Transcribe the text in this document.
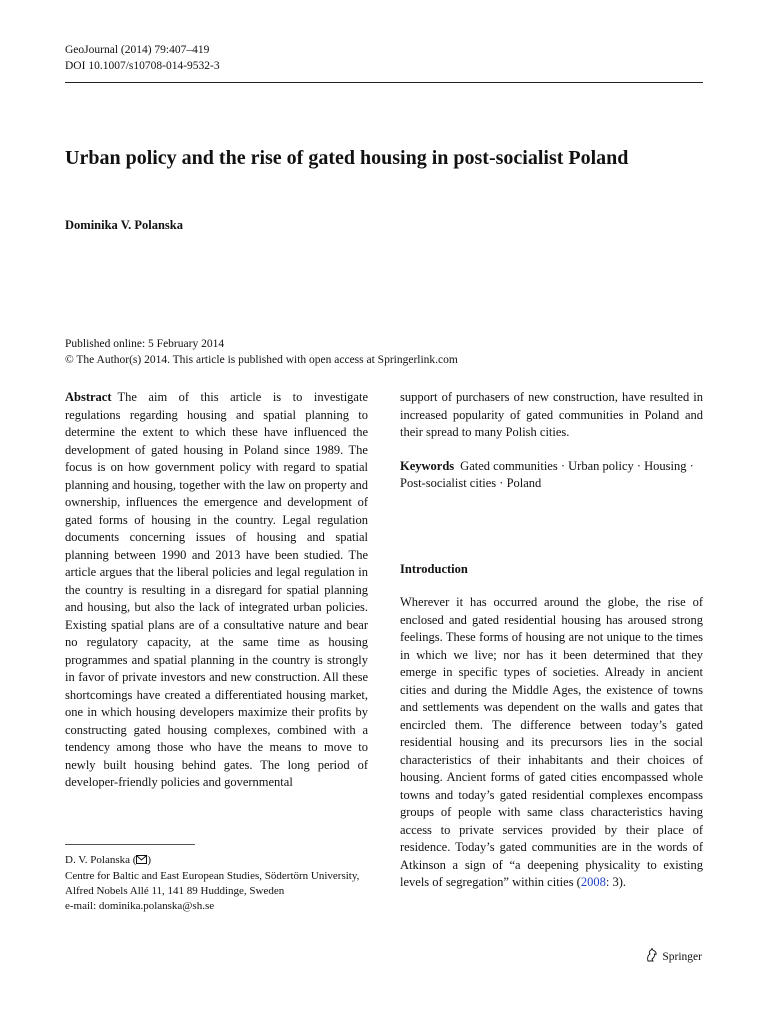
GeoJournal (2014) 79:407–419
DOI 10.1007/s10708-014-9532-3
Urban policy and the rise of gated housing in post-socialist Poland
Dominika V. Polanska
Published online: 5 February 2014
© The Author(s) 2014. This article is published with open access at Springerlink.com

Abstract The aim of this article is to investigate regulations regarding housing and spatial planning to determine the extent to which these have influenced the development of gated housing in Poland since 1989. The focus is on how government policy with regard to spatial planning and housing, together with the law on property and ownership, influences the emergence and development of gated forms of housing in the country. Legal regulation documents concerning issues of housing and spatial planning between 1990 and 2013 have been studied. The article argues that the liberal policies and legal regulation in the country is resulting in a disregard for spatial planning and housing, but also the lack of integrated urban policies. Existing spatial plans are of a consultative nature and bear no regulatory capacity, at the same time as housing programmes and spatial planning in the country is strongly in favor of private investors and new construction. All these shortcomings have created a differentiated housing market, one in which housing developers maximize their profits by constructing gated housing complexes, combined with a tendency among those who have the means to move to newly built housing behind gates. The long period of developer-friendly policies and governmental

support of purchasers of new construction, have resulted in increased popularity of gated communities in Poland and their spread to many Polish cities.

Keywords Gated communities · Urban policy · Housing · Post-socialist cities · Poland

Introduction

Wherever it has occurred around the globe, the rise of enclosed and gated residential housing has aroused strong feelings. These forms of housing are not unique to the times in which we live; nor has it been determined that they emerge in specific types of societies. Already in ancient cities and during the Middle Ages, the existence of towns and settlements was dependent on the walls and gates that encircled them. The difference between today’s gated residential housing and its precursors lies in the social characteristics of their inhabitants and their choices of housing. Ancient forms of gated cities encompassed whole towns and today’s gated residential complexes encompass groups of people with same class characteristics having access to private services provided by their place of residence. Today’s gated communities are in the words of Atkinson a sign of “a deepening physicality to existing levels of segregation” within cities (2008: 3).

D. V. Polanska ( )
Centre for Baltic and East European Studies, Södertörn University, Alfred Nobels Allé 11, 141 89 Huddinge, Sweden
e-mail: dominika.polanska@sh.se
Springer
